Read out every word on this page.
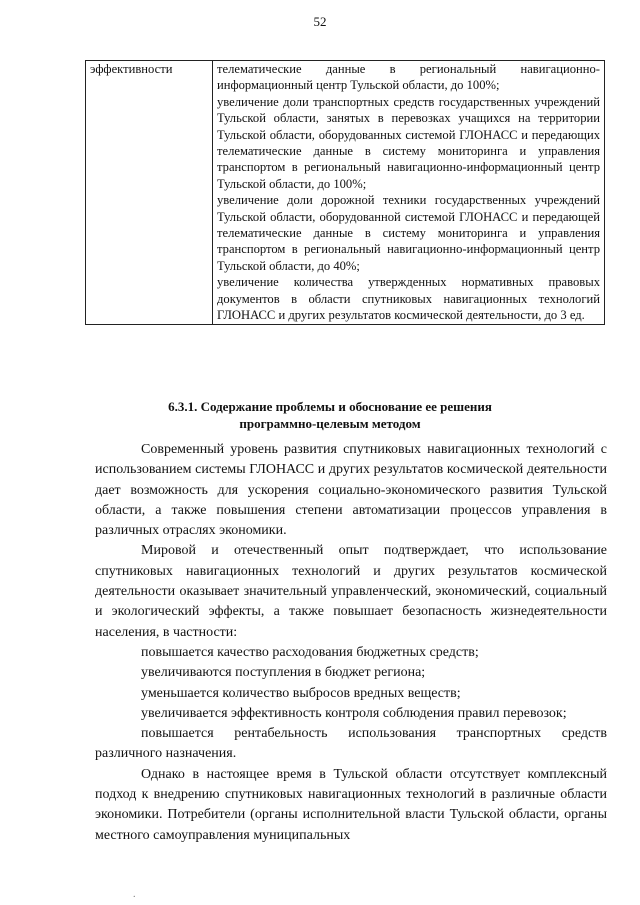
52
эффективности	телематические данные в региональный навигационно-информационный центр Тульской области, до 100%;
увеличение доли транспортных средств государственных учреждений Тульской области, занятых в перевозках учащихся на территории Тульской области, оборудованных системой ГЛОНАСС и передающих телематические данные в систему мониторинга и управления транспортом в региональный навигационно-информационный центр Тульской области, до 100%;
увеличение доли дорожной техники государственных учреждений Тульской области, оборудованной системой ГЛОНАСС и передающей телематические данные в систему мониторинга и управления транспортом в региональный навигационно-информационный центр Тульской области, до 40%;
увеличение количества утвержденных нормативных правовых документов в области спутниковых навигационных технологий ГЛОНАСС и других результатов космической деятельности, до 3 ед.
6.3.1. Содержание проблемы и обоснование ее решения
программно-целевым методом

Современный уровень развития спутниковых навигационных технологий с использованием системы ГЛОНАСС и других результатов космической деятельности дает возможность для ускорения социально-экономического развития Тульской области, а также повышения степени автоматизации процессов управления в различных отраслях экономики.

Мировой и отечественный опыт подтверждает, что использование спутниковых навигационных технологий и других результатов космической деятельности оказывает значительный управленческий, экономический, социальный и экологический эффекты, а также повышает безопасность жизнедеятельности населения, в частности:

повышается качество расходования бюджетных средств;

увеличиваются поступления в бюджет региона;

уменьшается количество выбросов вредных веществ;

увеличивается эффективность контроля соблюдения правил перевозок;

повышается рентабельность использования транспортных средств различного назначения.

Однако в настоящее время в Тульской области отсутствует комплексный подход к внедрению спутниковых навигационных технологий в различные области экономики. Потребители (органы исполнительной власти Тульской области, органы местного самоуправления муниципальных

.
